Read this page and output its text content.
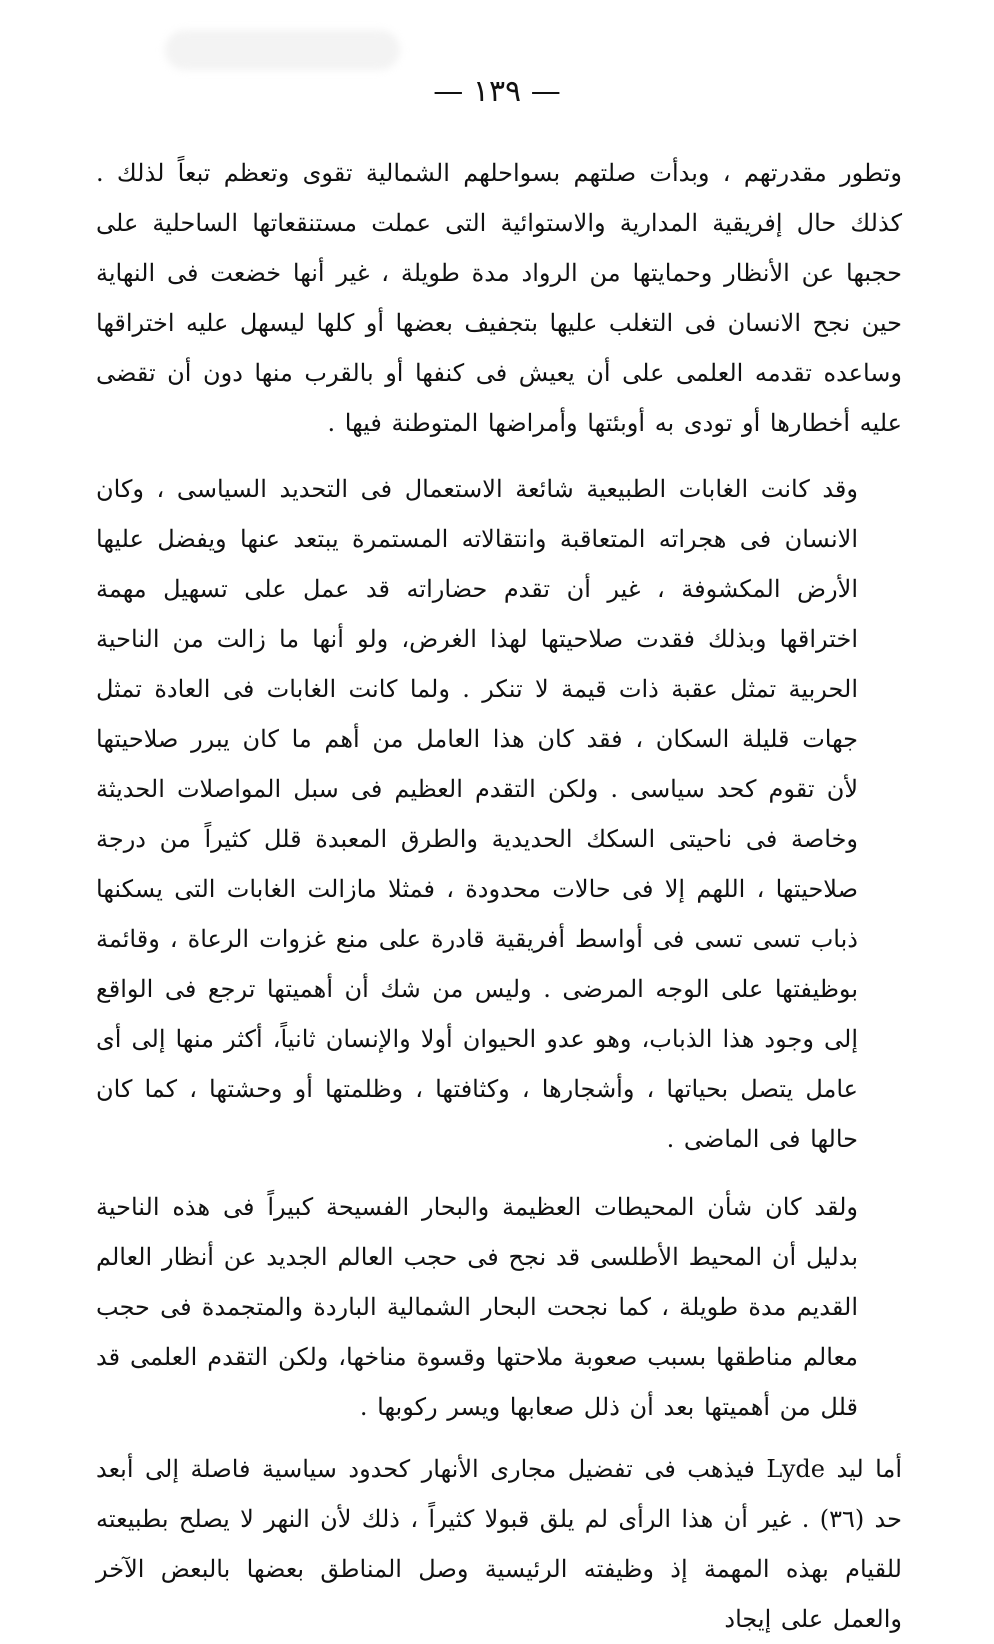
— ١٣٩ —

وتطور مقدرتهم ، وبدأت صلتهم بسواحلهم الشمالية تقوى وتعظم تبعاً لذلك . كذلك حال إفريقية المدارية والاستوائية التى عملت مستنقعاتها الساحلية على حجبها عن الأنظار وحمايتها من الرواد مدة طويلة ، غير أنها خضعت فى النهاية حين نجح الانسان فى التغلب عليها بتجفيف بعضها أو كلها ليسهل عليه اختراقها وساعده تقدمه العلمى على أن يعيش فى كنفها أو بالقرب منها دون أن تقضى عليه أخطارها أو تودى به أوبئتها وأمراضها المتوطنة فيها .

وقد كانت الغابات الطبيعية شائعة الاستعمال فى التحديد السياسى ، وكان الانسان فى هجراته المتعاقبة وانتقالاته المستمرة يبتعد عنها ويفضل عليها الأرض المكشوفة ، غير أن تقدم حضاراته قد عمل على تسهيل مهمة اختراقها وبذلك فقدت صلاحيتها لهذا الغرض، ولو أنها ما زالت من الناحية الحربية تمثل عقبة ذات قيمة لا تنكر . ولما كانت الغابات فى العادة تمثل جهات قليلة السكان ، فقد كان هذا العامل من أهم ما كان يبرر صلاحيتها لأن تقوم كحد سياسى . ولكن التقدم العظيم فى سبل المواصلات الحديثة وخاصة فى ناحيتى السكك الحديدية والطرق المعبدة قلل كثيراً من درجة صلاحيتها ، اللهم إلا فى حالات محدودة ، فمثلا مازالت الغابات التى يسكنها ذباب تسى تسى فى أواسط أفريقية قادرة على منع غزوات الرعاة ، وقائمة بوظيفتها على الوجه المرضى . وليس من شك أن أهميتها ترجع فى الواقع إلى وجود هذا الذباب، وهو عدو الحيوان أولا والإنسان ثانياً، أكثر منها إلى أى عامل يتصل بحياتها ، وأشجارها ، وكثافتها ، وظلمتها أو وحشتها ، كما كان حالها فى الماضى .

ولقد كان شأن المحيطات العظيمة والبحار الفسيحة كبيراً فى هذه الناحية بدليل أن المحيط الأطلسى قد نجح فى حجب العالم الجديد عن أنظار العالم القديم مدة طويلة ، كما نجحت البحار الشمالية الباردة والمتجمدة فى حجب معالم مناطقها بسبب صعوبة ملاحتها وقسوة مناخها، ولكن التقدم العلمى قد قلل من أهميتها بعد أن ذلل صعابها ويسر ركوبها .

أما ليد Lyde فيذهب فى تفضيل مجارى الأنهار كحدود سياسية فاصلة إلى أبعد حد (٣٦) . غير أن هذا الرأى لم يلق قبولا كثيراً ، ذلك لأن النهر لا يصلح بطبيعته للقيام بهذه المهمة إذ وظيفته الرئيسية وصل المناطق بعضها بالبعض الآخر والعمل على إيجاد
